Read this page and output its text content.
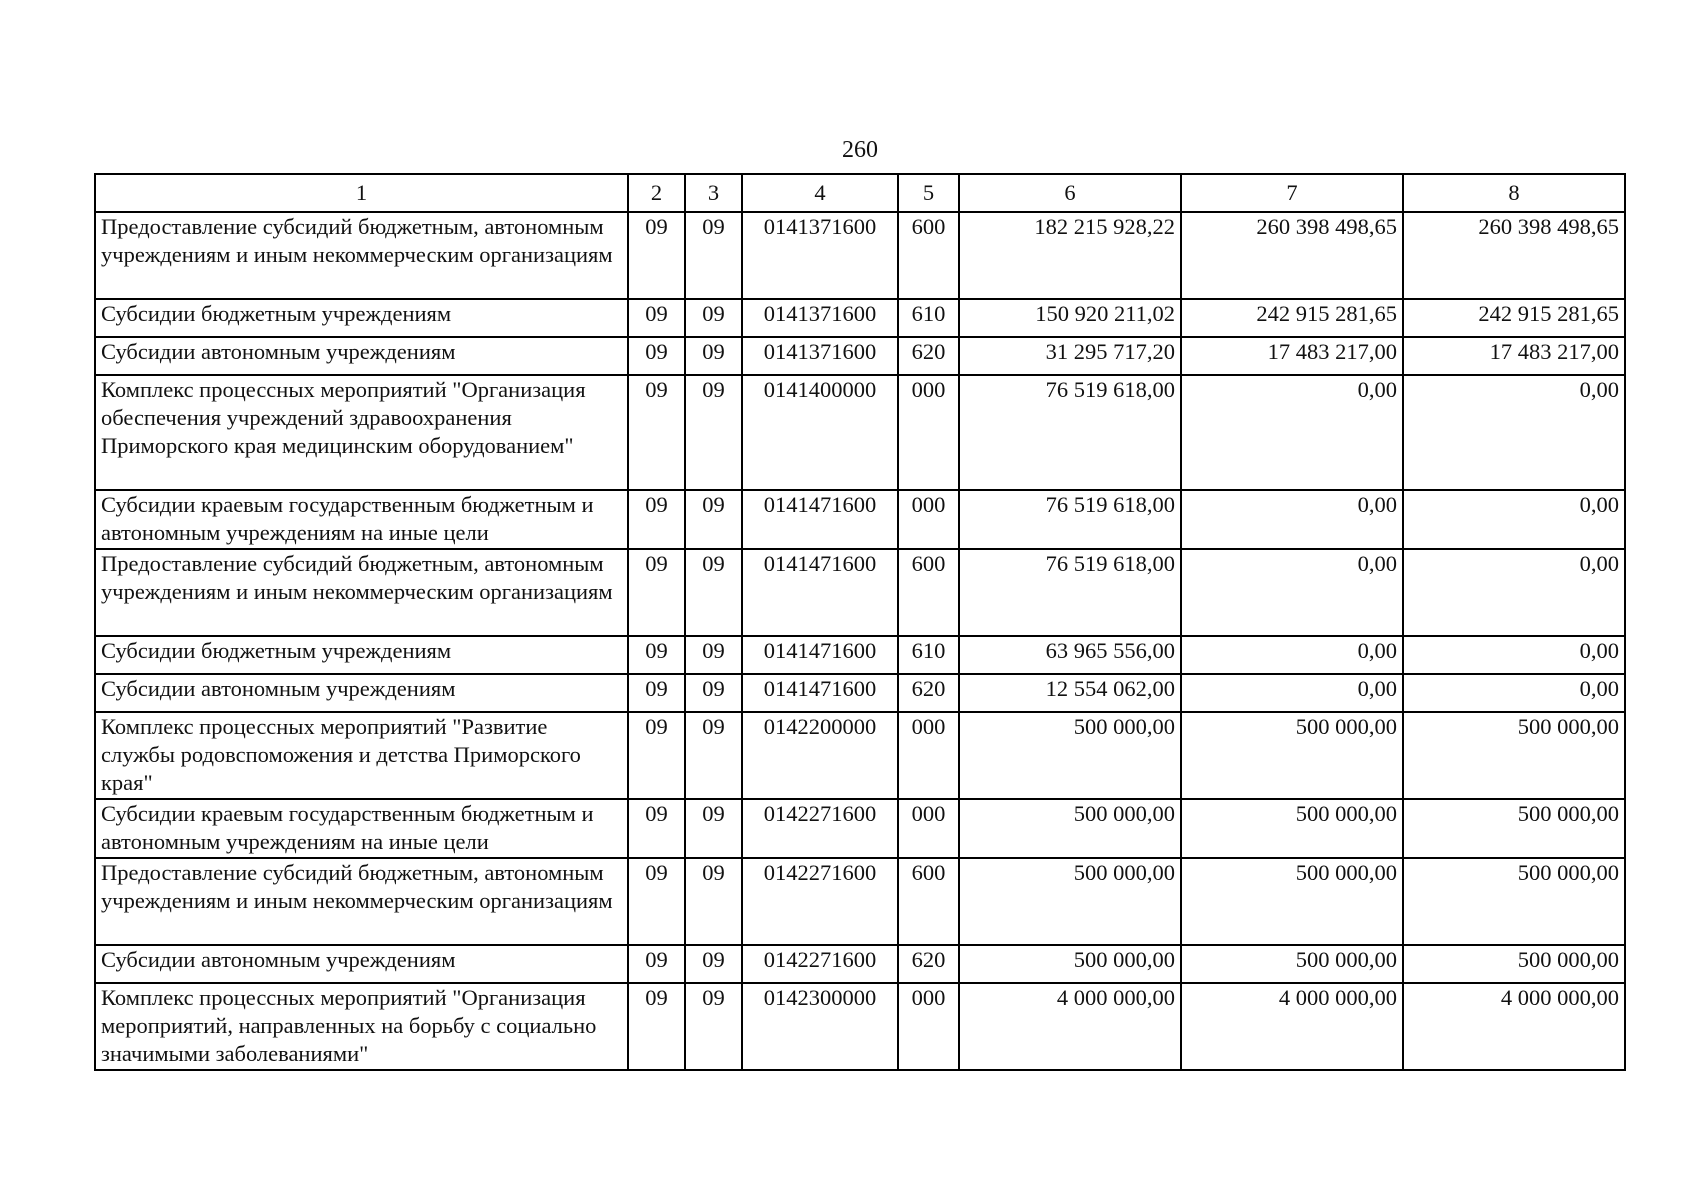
260
1	2	3	4	5	6	7	8
Предоставление субсидий бюджетным, автономным учреждениям и иным некоммерческим организациям	09	09	0141371600	600	182 215 928,22	260 398 498,65	260 398 498,65
Субсидии бюджетным учреждениям	09	09	0141371600	610	150 920 211,02	242 915 281,65	242 915 281,65
Субсидии автономным учреждениям	09	09	0141371600	620	31 295 717,20	17 483 217,00	17 483 217,00
Комплекс процессных мероприятий "Организация обеспечения учреждений здравоохранения Приморского края медицинским оборудованием"	09	09	0141400000	000	76 519 618,00	0,00	0,00
Субсидии краевым государственным бюджетным и автономным учреждениям на иные цели	09	09	0141471600	000	76 519 618,00	0,00	0,00
Предоставление субсидий бюджетным, автономным учреждениям и иным некоммерческим организациям	09	09	0141471600	600	76 519 618,00	0,00	0,00
Субсидии бюджетным учреждениям	09	09	0141471600	610	63 965 556,00	0,00	0,00
Субсидии автономным учреждениям	09	09	0141471600	620	12 554 062,00	0,00	0,00
Комплекс процессных мероприятий "Развитие службы родовспоможения и детства Приморского края"	09	09	0142200000	000	500 000,00	500 000,00	500 000,00
Субсидии краевым государственным бюджетным и автономным учреждениям на иные цели	09	09	0142271600	000	500 000,00	500 000,00	500 000,00
Предоставление субсидий бюджетным, автономным учреждениям и иным некоммерческим организациям	09	09	0142271600	600	500 000,00	500 000,00	500 000,00
Субсидии автономным учреждениям	09	09	0142271600	620	500 000,00	500 000,00	500 000,00
Комплекс процессных мероприятий "Организация мероприятий, направленных на борьбу с социально значимыми заболеваниями"	09	09	0142300000	000	4 000 000,00	4 000 000,00	4 000 000,00
